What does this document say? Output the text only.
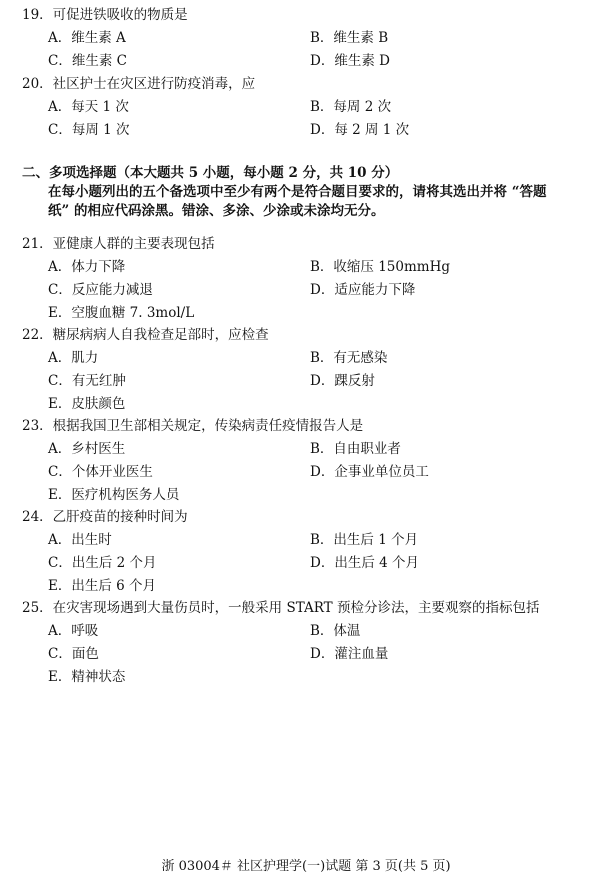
19．可促进铁吸收的物质是
A．维生素 A	B．维生素 B
C．维生素 C	D．维生素 D
20．社区护士在灾区进行防疫消毒，应
A．每天 1 次	B．每周 2 次
C．每周 1 次	D．每 2 周 1 次
二、多项选择题（本大题共 5 小题，每小题 2 分，共 10 分）
在每小题列出的五个备选项中至少有两个是符合题目要求的，请将其选出并将 “答题
纸” 的相应代码涂黑。错涂、多涂、少涂或未涂均无分。
21．亚健康人群的主要表现包括
A．体力下降	B．收缩压 150mmHg
C．反应能力减退	D．适应能力下降
E．空腹血糖 7. 3mol/L
22．糖尿病病人自我检查足部时，应检查
A．肌力	B．有无感染
C．有无红肿	D．踝反射
E．皮肤颜色
23．根据我国卫生部相关规定，传染病责任疫情报告人是
A．乡村医生	B．自由职业者
C．个体开业医生	D．企事业单位员工
E．医疗机构医务人员
24．乙肝疫苗的接种时间为
A．出生时	B．出生后 1 个月
C．出生后 2 个月	D．出生后 4 个月
E．出生后 6 个月
25．在灾害现场遇到大量伤员时，一般采用 START 预检分诊法，主要观察的指标包括
A．呼吸	B．体温
C．面色	D．灌注血量
E．精神状态
浙 03004＃ 社区护理学(一)试题 第 3 页(共 5 页)
